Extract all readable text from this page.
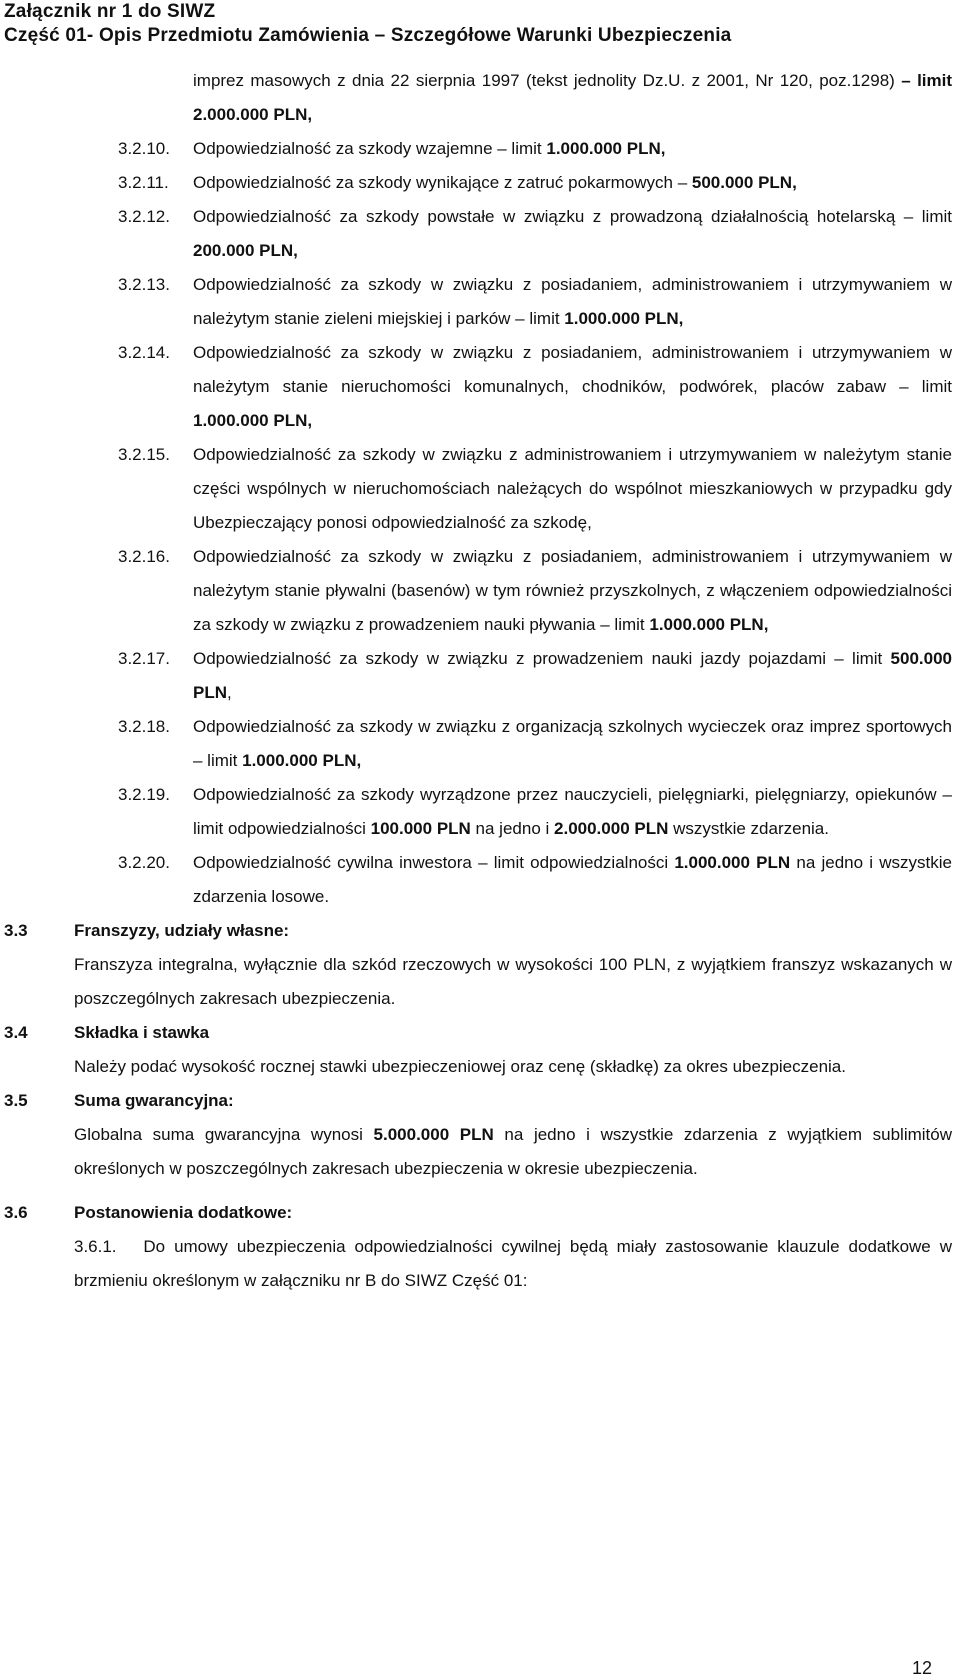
Załącznik nr 1 do SIWZ
Część 01- Opis Przedmiotu Zamówienia – Szczegółowe Warunki Ubezpieczenia
imprez masowych z dnia 22 sierpnia 1997 (tekst jednolity Dz.U. z 2001, Nr 120, poz.1298) – limit 2.000.000 PLN,
3.2.10. Odpowiedzialność za szkody wzajemne – limit 1.000.000 PLN,
3.2.11. Odpowiedzialność za szkody wynikające z zatruć pokarmowych – 500.000 PLN,
3.2.12. Odpowiedzialność za szkody powstałe w związku z prowadzoną działalnością hotelarską – limit 200.000 PLN,
3.2.13. Odpowiedzialność za szkody w związku z posiadaniem, administrowaniem i utrzymywaniem w należytym stanie zieleni miejskiej i parków – limit 1.000.000 PLN,
3.2.14. Odpowiedzialność za szkody w związku z posiadaniem, administrowaniem i utrzymywaniem w należytym stanie nieruchomości komunalnych, chodników, podwórek, placów zabaw – limit 1.000.000 PLN,
3.2.15. Odpowiedzialność za szkody w związku z administrowaniem i utrzymywaniem w należytym stanie części wspólnych w nieruchomościach należących do wspólnot mieszkaniowych w przypadku gdy Ubezpieczający ponosi odpowiedzialność za szkodę,
3.2.16. Odpowiedzialność za szkody w związku z posiadaniem, administrowaniem i utrzymywaniem w należytym stanie pływalni (basenów) w tym również przyszkolnych, z włączeniem odpowiedzialności za szkody w związku z prowadzeniem nauki pływania – limit 1.000.000 PLN,
3.2.17. Odpowiedzialność za szkody w związku z prowadzeniem nauki jazdy pojazdami – limit 500.000 PLN,
3.2.18. Odpowiedzialność za szkody w związku z organizacją szkolnych wycieczek oraz imprez sportowych – limit 1.000.000 PLN,
3.2.19. Odpowiedzialność za szkody wyrządzone przez nauczycieli, pielęgniarki, pielęgniarzy, opiekunów – limit odpowiedzialności 100.000 PLN na jedno i 2.000.000 PLN wszystkie zdarzenia.
3.2.20. Odpowiedzialność cywilna inwestora – limit odpowiedzialności 1.000.000 PLN na jedno i wszystkie zdarzenia losowe.
3.3	Franszyzy, udziały własne:
Franszyza integralna, wyłącznie dla szkód rzeczowych w wysokości 100 PLN, z wyjątkiem franszyz wskazanych w poszczególnych zakresach ubezpieczenia.
3.4	Składka i stawka
Należy podać wysokość rocznej stawki ubezpieczeniowej oraz cenę (składkę) za okres ubezpieczenia.
3.5	Suma gwarancyjna:
Globalna suma gwarancyjna wynosi 5.000.000 PLN na jedno i wszystkie zdarzenia z wyjątkiem sublimitów określonych w poszczególnych zakresach ubezpieczenia w okresie ubezpieczenia.
3.6	Postanowienia dodatkowe:
3.6.1. Do umowy ubezpieczenia odpowiedzialności cywilnej będą miały zastosowanie klauzule dodatkowe w brzmieniu określonym w załączniku nr B do SIWZ Część 01:
12
